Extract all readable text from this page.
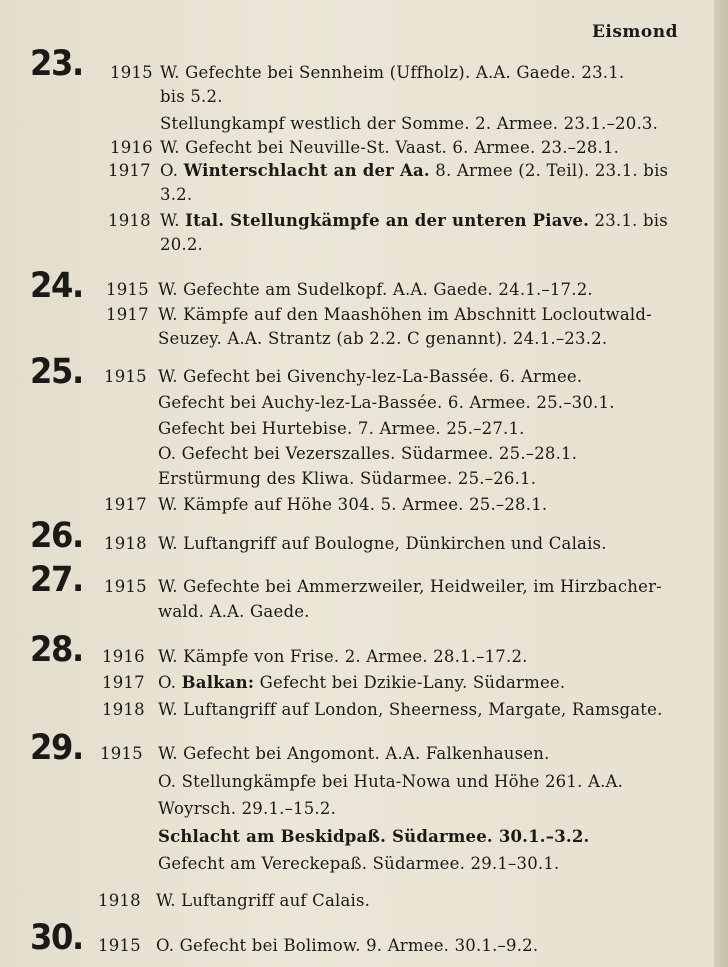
Eismond
23. 1915 W. Gefechte bei Sennheim (Uffholz). A.A. Gaede. 23.1.
bis 5.2.
Stellungkampf westlich der Somme. 2. Armee. 23.1.–20.3.
1916 W. Gefecht bei Neuville-St. Vaast. 6. Armee. 23.–28.1.
1917 O. Winterschlacht an der Aa. 8. Armee (2. Teil). 23.1. bis
3.2.
1918 W. Ital. Stellungkämpfe an der unteren Piave. 23.1. bis
20.2.
24. 1915 W. Gefechte am Sudelkopf. A.A. Gaede. 24.1.–17.2.
1917 W. Kämpfe auf den Maashöhen im Abschnitt Locloutwald-
Seuzey. A.A. Strantz (ab 2.2. C genannt). 24.1.–23.2.
25. 1915 W. Gefecht bei Givenchy-lez-La-Bassée. 6. Armee.
Gefecht bei Auchy-lez-La-Bassée. 6. Armee. 25.–30.1.
Gefecht bei Hurtebise. 7. Armee. 25.–27.1.
O. Gefecht bei Vezerszalles. Südarmee. 25.–28.1.
Erstürmung des Kliwa. Südarmee. 25.–26.1.
1917 W. Kämpfe auf Höhe 304. 5. Armee. 25.–28.1.
26. 1918 W. Luftangriff auf Boulogne, Dünkirchen und Calais.
27. 1915 W. Gefechte bei Ammerzweiler, Heidweiler, im Hirzbacher-
wald. A.A. Gaede.
28. 1916 W. Kämpfe von Frise. 2. Armee. 28.1.–17.2.
1917 O. Balkan: Gefecht bei Dzikie-Lany. Südarmee.
1918 W. Luftangriff auf London, Sheerness, Margate, Ramsgate.
29. 1915 W. Gefecht bei Angomont. A.A. Falkenhausen.
O. Stellungkämpfe bei Huta-Nowa und Höhe 261. A.A.
Woyrsch. 29.1.–15.2.
Schlacht am Beskidpaß. Südarmee. 30.1.–3.2.
Gefecht am Vereckepaß. Südarmee. 29.1–30.1.
1918 W. Luftangriff auf Calais.
30. 1915 O. Gefecht bei Bolimow. 9. Armee. 30.1.–9.2.
